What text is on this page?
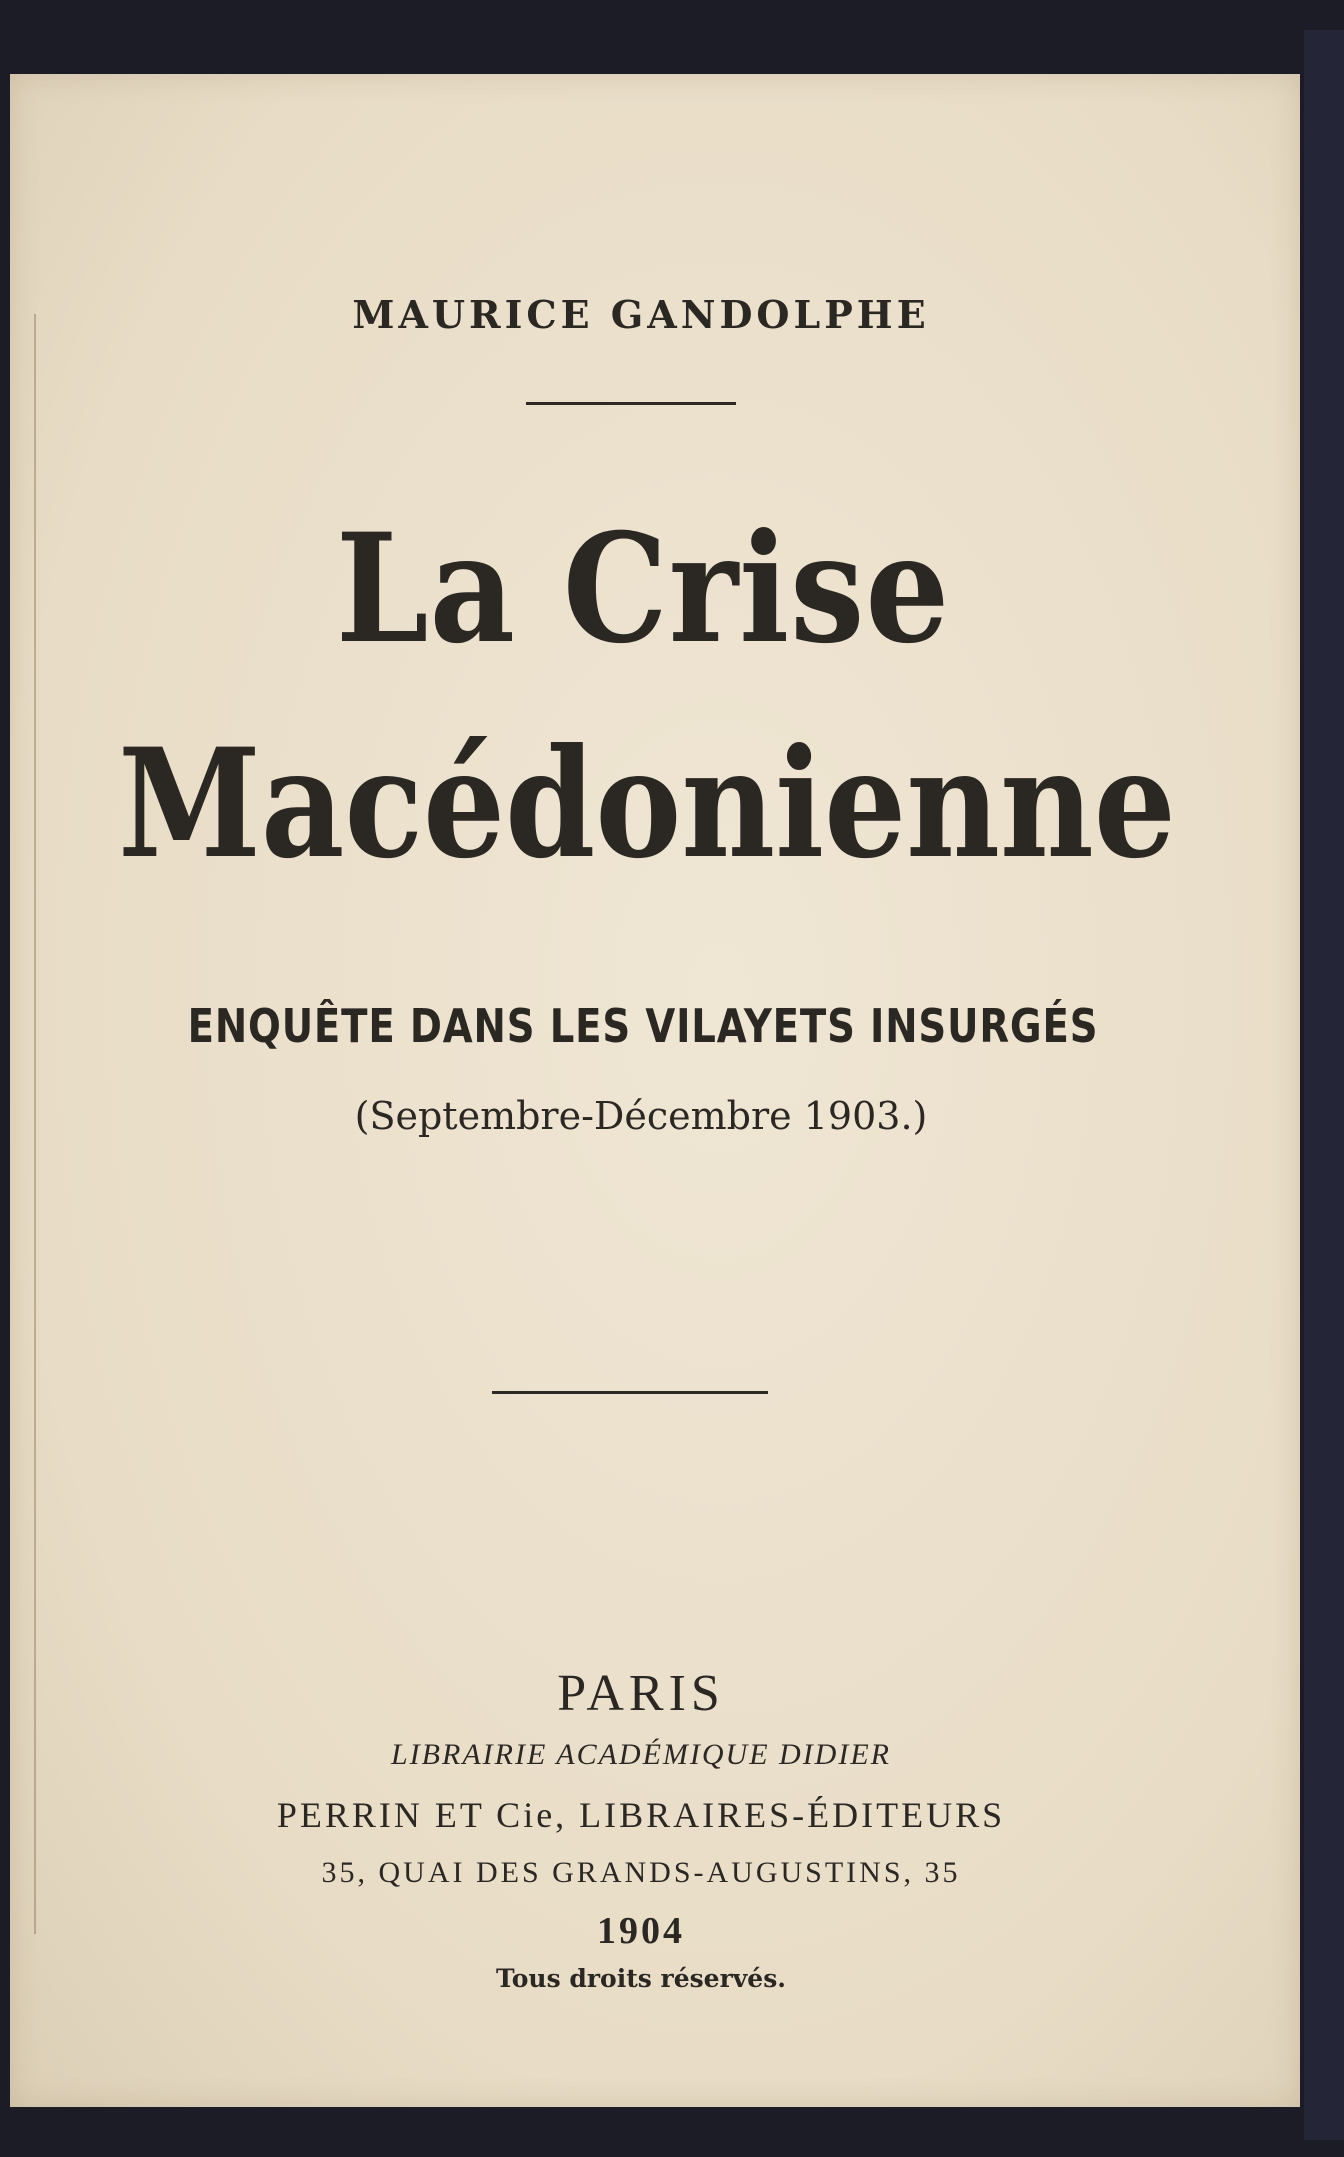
MAURICE GANDOLPHE
La Crise
Macédonienne
ENQUÊTE DANS LES VILAYETS INSURGÉS
(Septembre-Décembre 1903.)
PARIS
LIBRAIRIE ACADÉMIQUE DIDIER
PERRIN ET Cie, LIBRAIRES-ÉDITEURS
35, QUAI DES GRANDS-AUGUSTINS, 35
1904
Tous droits réservés.
